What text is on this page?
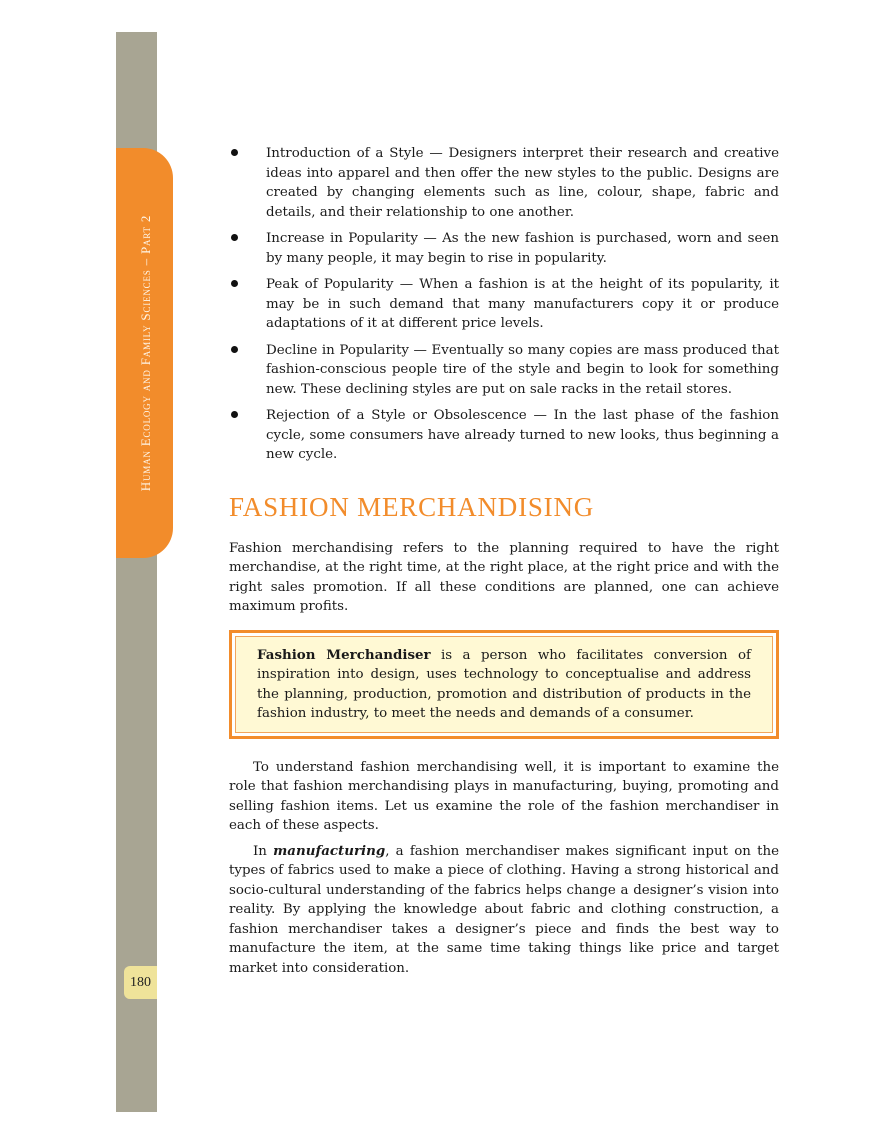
Human Ecology and Family Sciences – Part 2
180
Introduction of a Style — Designers interpret their research and creative ideas into apparel and then offer the new styles to the public. Designs are created by changing elements such as line, colour, shape, fabric and details, and their relationship to one another.
Increase in Popularity — As the new fashion is purchased, worn and seen by many people, it may begin to rise in popularity.
Peak of Popularity — When a fashion is at the height of its popularity, it may be in such demand that many manufacturers copy it or produce adaptations of it at different price levels.
Decline in Popularity — Eventually so many copies are mass produced that fashion-conscious people tire of the style and begin to look for something new. These declining styles are put on sale racks in the retail stores.
Rejection of a Style or Obsolescence — In the last phase of the fashion cycle, some consumers have already turned to new looks, thus beginning a new cycle.
FASHION MERCHANDISING

Fashion merchandising refers to the planning required to have the right merchandise, at the right time, at the right place, at the right price and with the right sales promotion. If all these conditions are planned, one can achieve maximum profits.

Fashion Merchandiser is a person who facilitates conversion of inspiration into design, uses technology to conceptualise and address the planning, production, promotion and distribution of products in the fashion industry, to meet the needs and demands of a consumer.

To understand fashion merchandising well, it is important to examine the role that fashion merchandising plays in manufacturing, buying, promoting and selling fashion items. Let us examine the role of the fashion merchandiser in each of these aspects.

In manufacturing, a fashion merchandiser makes significant input on the types of fabrics used to make a piece of clothing. Having a strong historical and socio-cultural understanding of the fabrics helps change a designer’s vision into reality. By applying the knowledge about fabric and clothing construction, a fashion merchandiser takes a designer’s piece and finds the best way to manufacture the item, at the same time taking things like price and target market into consideration.
